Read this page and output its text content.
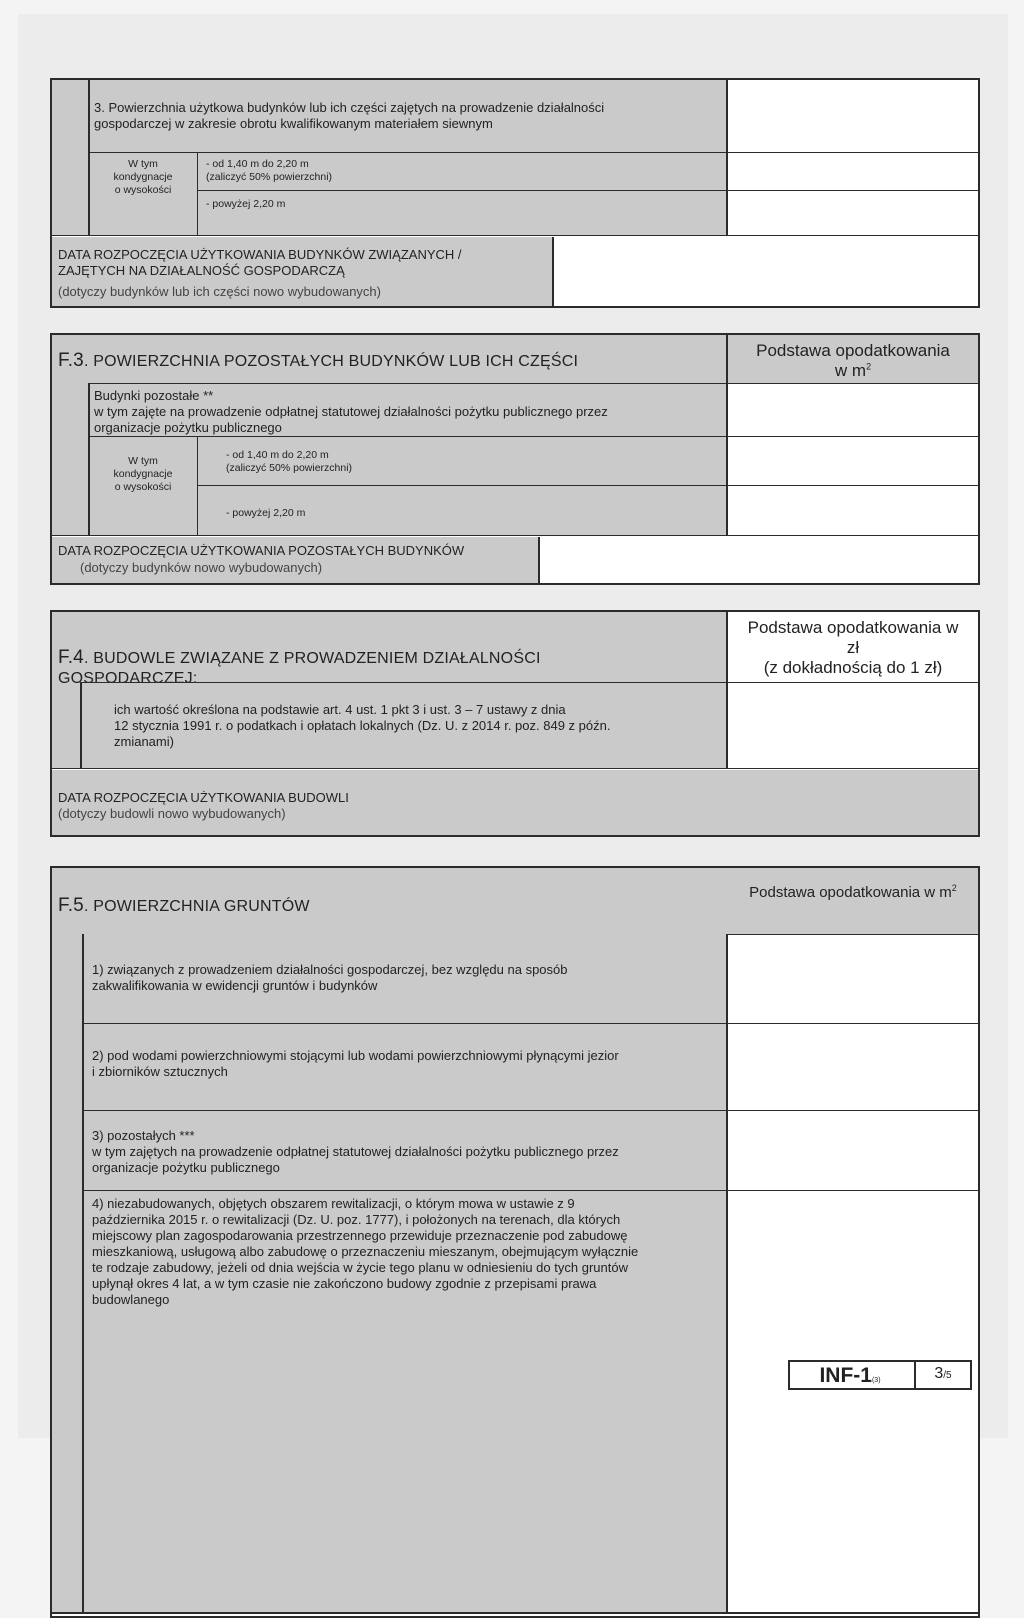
3. Powierzchnia użytkowa budynków lub ich części zajętych na prowadzenie działalności
gospodarczej w zakresie obrotu kwalifikowanym materiałem siewnym
W tym
kondygnacje
o wysokości
- od 1,40 m do 2,20 m
(zaliczyć 50% powierzchni)
- powyżej 2,20 m
DATA ROZPOCZĘCIA UŻYTKOWANIA BUDYNKÓW ZWIĄZANYCH /
ZAJĘTYCH NA DZIAŁALNOŚĆ GOSPODARCZĄ
(dotyczy budynków lub ich części nowo wybudowanych)
F.3. POWIERZCHNIA POZOSTAŁYCH BUDYNKÓW LUB ICH CZĘŚCI
Podstawa opodatkowania
w $m^2$
Budynki pozostałe **
w tym zajęte na prowadzenie odpłatnej statutowej działalności pożytku publicznego przez
organizacje pożytku publicznego
W tym
kondygnacje
o wysokości
- od 1,40 m do 2,20 m
(zaliczyć 50% powierzchni)
- powyżej 2,20 m
DATA ROZPOCZĘCIA UŻYTKOWANIA POZOSTAŁYCH BUDYNKÓW
(dotyczy budynków nowo wybudowanych)

F.4. BUDOWLE ZWIĄZANE Z PROWADZENIEM DZIAŁALNOŚCI
GOSPODARCZEJ:

Podstawa opodatkowania w
zł
(z dokładnością do 1 zł)
ich wartość określona na podstawie art. 4 ust. 1 pkt 3 i ust. 3 – 7 ustawy z dnia
12 stycznia 1991 r. o podatkach i opłatach lokalnych (Dz. U. z 2014 r. poz. 849 z późn.
zmianami)
DATA ROZPOCZĘCIA UŻYTKOWANIA BUDOWLI
(dotyczy budowli nowo wybudowanych)
F.5. POWIERZCHNIA GRUNTÓW
Podstawa opodatkowania w $m^2$
1) związanych z prowadzeniem działalności gospodarczej, bez względu na sposób
zakwalifikowania w ewidencji gruntów i budynków
2) pod wodami powierzchniowymi stojącymi lub wodami powierzchniowymi płynącymi jezior
i zbiorników sztucznych
3) pozostałych ***
w tym zajętych na prowadzenie odpłatnej statutowej działalności pożytku publicznego przez
organizacje pożytku publicznego
4) niezabudowanych, objętych obszarem rewitalizacji, o którym mowa w ustawie z 9
października 2015 r. o rewitalizacji (Dz. U. poz. 1777), i położonych na terenach, dla których
miejscowy plan zagospodarowania przestrzennego przewiduje przeznaczenie pod zabudowę
mieszkaniową, usługową albo zabudowę o przeznaczeniu mieszanym, obejmującym wyłącznie
te rodzaje zabudowy, jeżeli od dnia wejścia w życie tego planu w odniesieniu do tych gruntów
upłynął okres 4 lat, a w tym czasie nie zakończono budowy zgodnie z przepisami prawa
budowlanego
INF-1(3)	3/5
